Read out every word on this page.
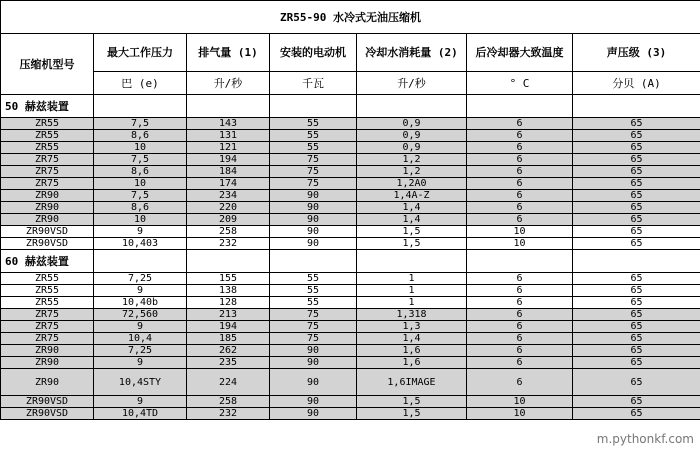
ZR55-90 水冷式无油压缩机						
压缩机型号	最大工作压力	排气量 (1)	安装的电动机	冷却水消耗量 (2)	后冷却器大致温度	声压级 (3)
	巴 (e)	升/秒	千瓦	升/秒	° C	分贝 (A)
50 赫兹装置						
ZR55	7,5	143	55	0,9	6	65
ZR55	8,6	131	55	0,9	6	65
ZR55	10	121	55	0,9	6	65
ZR75	7,5	194	75	1,2	6	65
ZR75	8,6	184	75	1,2	6	65
ZR75	10	174	75	1,2A0	6	65
ZR90	7,5	234	90	1,4A-Z	6	65
ZR90	8,6	220	90	1,4	6	65
ZR90	10	209	90	1,4	6	65
ZR90VSD	9	258	90	1,5	10	65
ZR90VSD	10,403	232	90	1,5	10	65
60 赫兹装置						
ZR55	7,25	155	55	1	6	65
ZR55	9	138	55	1	6	65
ZR55	10,40b	128	55	1	6	65
ZR75	72,560	213	75	1,318	6	65
ZR75	9	194	75	1,3	6	65
ZR75	10,4	185	75	1,4	6	65
ZR90	7,25	262	90	1,6	6	65
ZR90	9	235	90	1,6	6	65
ZR90	10,4STY	224	90	1,6IMAGE	6	65
ZR90VSD	9	258	90	1,5	10	65
ZR90VSD	10,4TD	232	90	1,5	10	65
m.pythonkf.com
